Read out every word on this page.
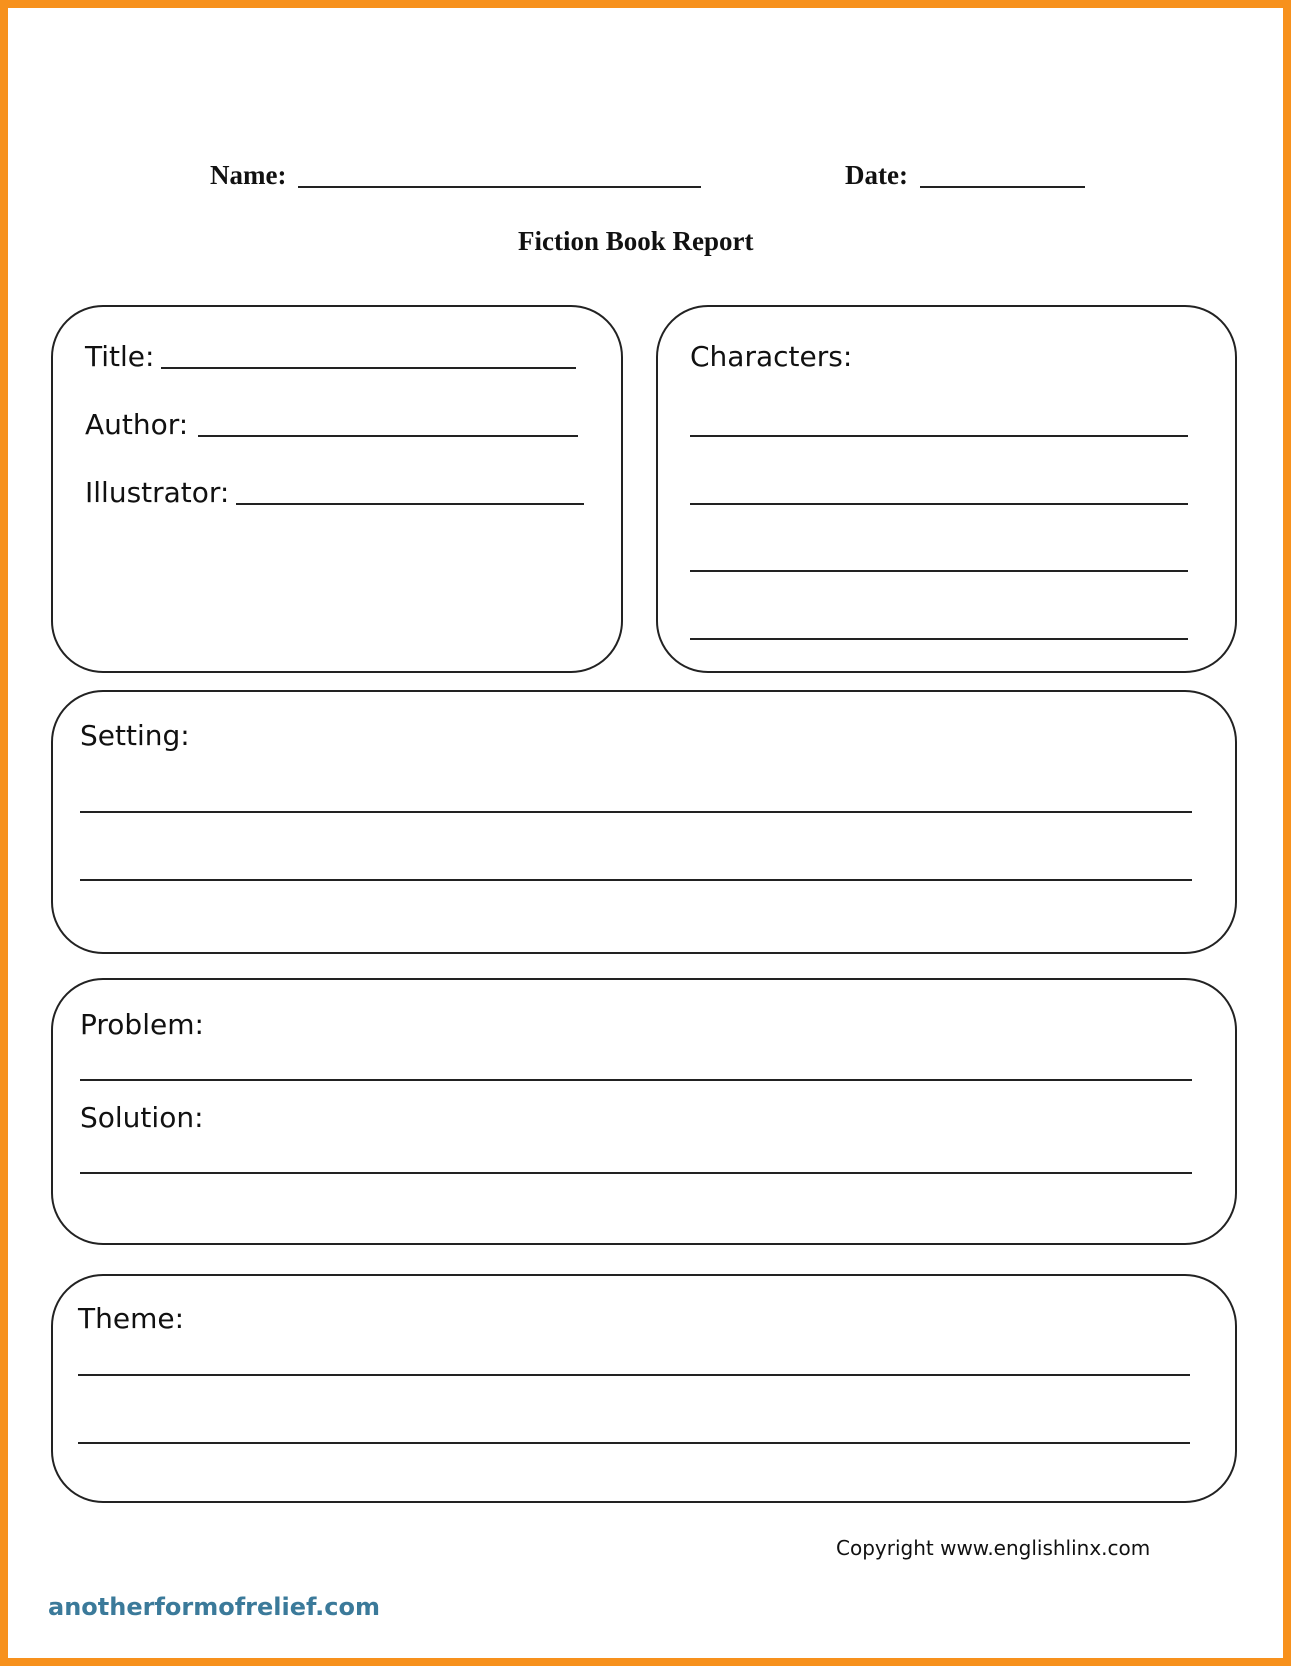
Name:	Date:
Fiction Book Report
Title:
Author:
Illustrator:
Characters:
Setting:
Problem:
Solution:
Theme:
Copyright www.englishlinx.com
anotherformofrelief.com
